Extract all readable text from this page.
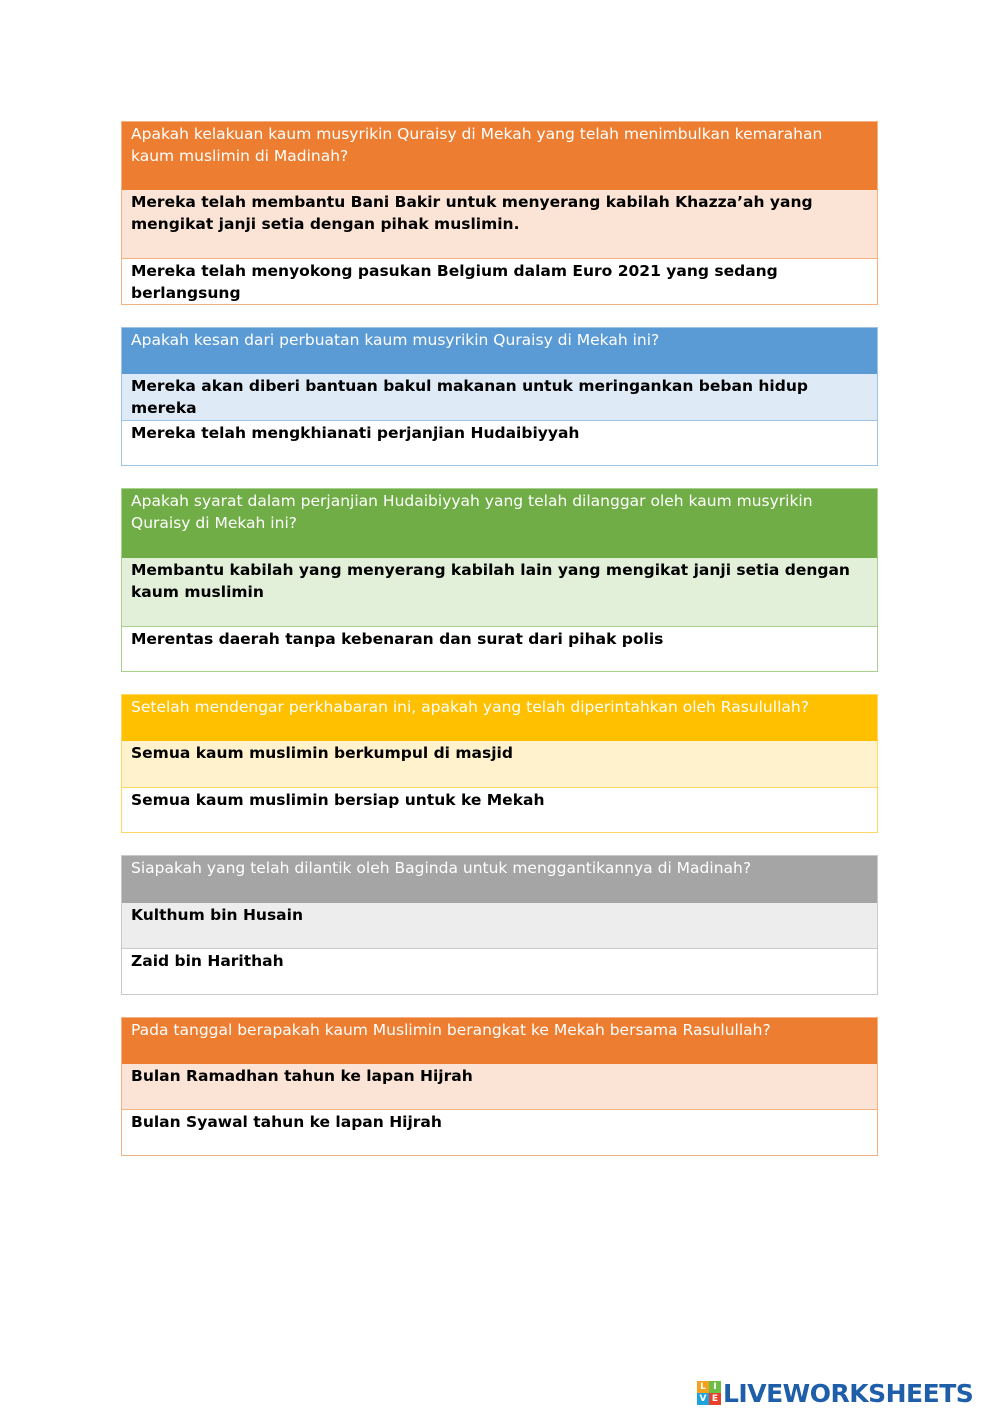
Apakah kelakuan kaum musyrikin Quraisy di Mekah yang telah menimbulkan kemarahan kaum muslimin di Madinah?
Mereka telah membantu Bani Bakir untuk menyerang kabilah Khazza’ah yang mengikat janji setia dengan pihak muslimin.
Mereka telah menyokong pasukan Belgium dalam Euro 2021 yang sedang berlangsung
Apakah kesan dari perbuatan kaum musyrikin Quraisy di Mekah ini?
Mereka akan diberi bantuan bakul makanan untuk meringankan beban hidup mereka
Mereka telah mengkhianati perjanjian Hudaibiyyah
Apakah syarat dalam perjanjian Hudaibiyyah yang telah dilanggar oleh kaum musyrikin Quraisy di Mekah ini?
Membantu kabilah yang menyerang kabilah lain yang mengikat janji setia dengan kaum muslimin
Merentas daerah tanpa kebenaran dan surat dari pihak polis
Setelah mendengar perkhabaran ini, apakah yang telah diperintahkan oleh Rasulullah?
Semua kaum muslimin berkumpul di masjid
Semua kaum muslimin bersiap untuk ke Mekah
Siapakah yang telah dilantik oleh Baginda untuk menggantikannya di Madinah?
Kulthum bin Husain
Zaid bin Harithah
Pada tanggal berapakah kaum Muslimin berangkat ke Mekah bersama Rasulullah?
Bulan Ramadhan tahun ke lapan Hijrah
Bulan Syawal tahun ke lapan Hijrah
L I
V E LIVEWORKSHEETS
